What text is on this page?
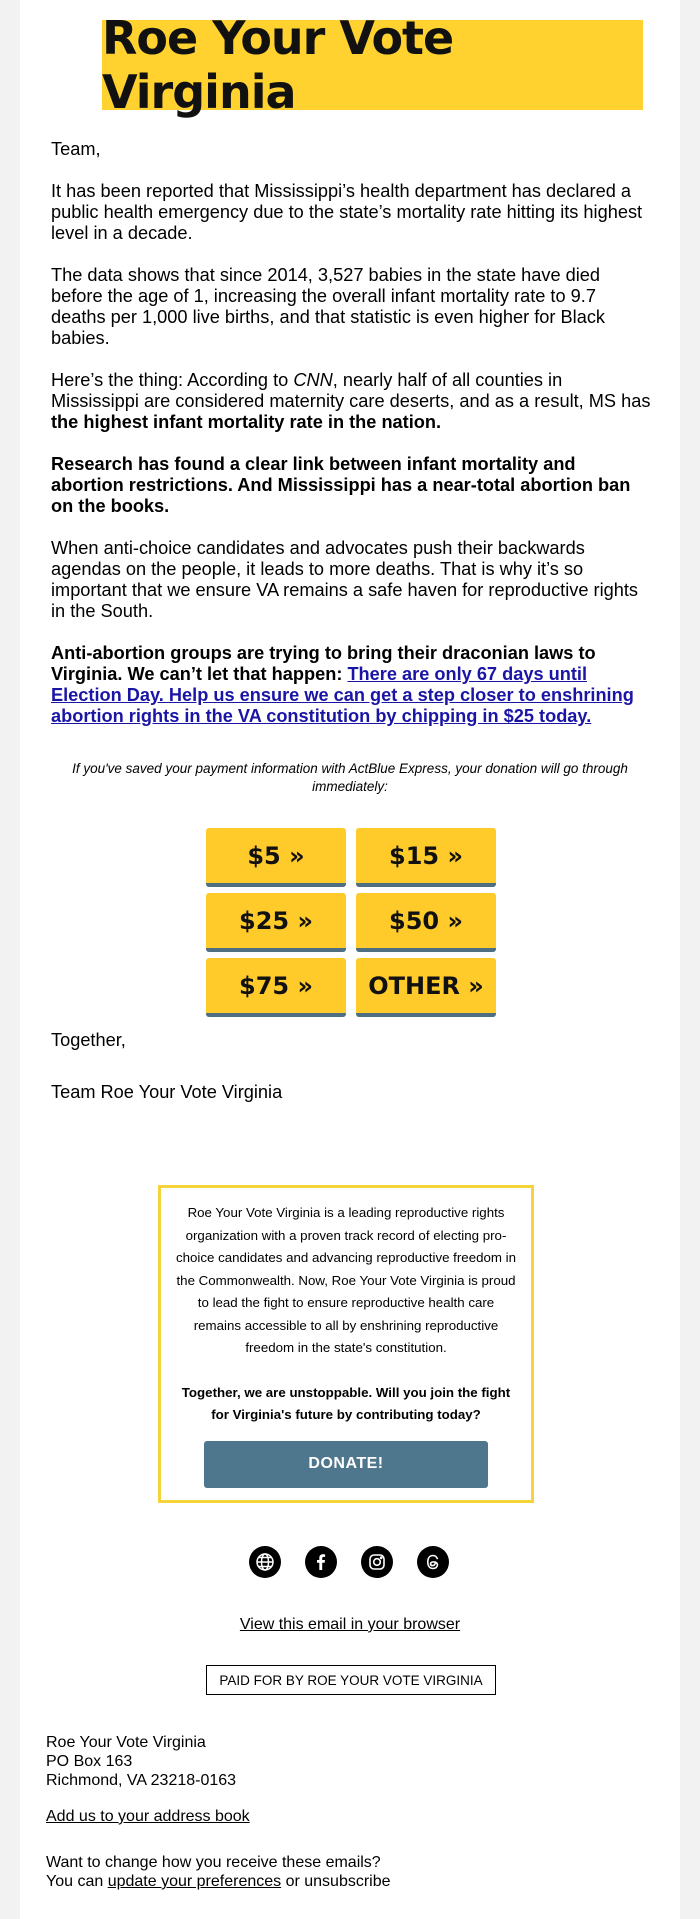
Roe Your Vote Virginia

Team,

It has been reported that Mississippi’s health department has declared a public health emergency due to the state’s mortality rate hitting its highest level in a decade.

The data shows that since 2014, 3,527 babies in the state have died before the age of 1, increasing the overall infant mortality rate to 9.7 deaths per 1,000 live births, and that statistic is even higher for Black babies.

Here’s the thing: According to CNN, nearly half of all counties in Mississippi are considered maternity care deserts, and as a result, MS has the highest infant mortality rate in the nation.

Research has found a clear link between infant mortality and abortion restrictions. And Mississippi has a near-total abortion ban on the books.

When anti-choice candidates and advocates push their backwards agendas on the people, it leads to more deaths. That is why it’s so important that we ensure VA remains a safe haven for reproductive rights in the South.

Anti-abortion groups are trying to bring their draconian laws to Virginia. We can’t let that happen: There are only 67 days until Election Day. Help us ensure we can get a step closer to enshrining abortion rights in the VA constitution by chipping in $25 today.

If you've saved your payment information with ActBlue Express, your donation will go through immediately:
$5 »	$15 »
$25 »	$50 »
$75 »	OTHER »

Together,

Team Roe Your Vote Virginia

Roe Your Vote Virginia is a leading reproductive rights organization with a proven track record of electing pro-choice candidates and advancing reproductive freedom in the Commonwealth. Now, Roe Your Vote Virginia is proud to lead the fight to ensure reproductive health care remains accessible to all by enshrining reproductive freedom in the state's constitution.

Together, we are unstoppable. Will you join the fight for Virginia's future by contributing today?

DONATE!
View this email in your browser
PAID FOR BY ROE YOUR VOTE VIRGINIA
Roe Your Vote Virginia
PO Box 163
Richmond, VA 23218-0163
Add us to your address book
Want to change how you receive these emails?
You can update your preferences or unsubscribe
